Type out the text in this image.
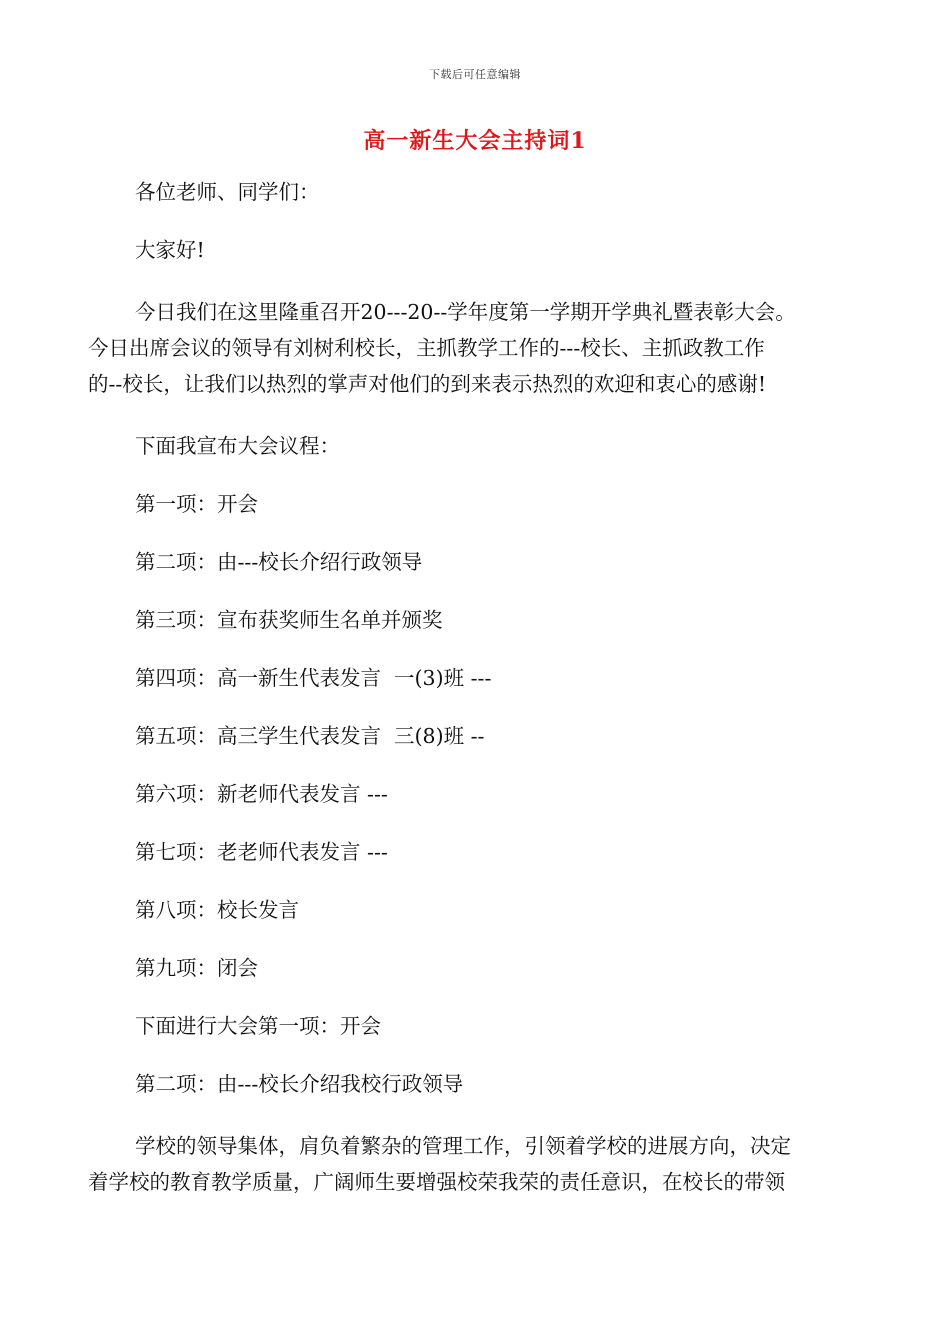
下载后可任意编辑
高一新生大会主持词1

各位老师、同学们：

大家好!

今日我们在这里隆重召开20---20--学年度第一学期开学典礼暨表彰大会。
今日出席会议的领导有刘树利校长，主抓教学工作的---校长、主抓政教工作
的--校长，让我们以热烈的掌声对他们的到来表示热烈的欢迎和衷心的感谢!

下面我宣布大会议程：

第一项：开会

第二项：由---校长介绍行政领导

第三项：宣布获奖师生名单并颁奖

第四项：高一新生代表发言  一(3)班 ---

第五项：高三学生代表发言  三(8)班 --

第六项：新老师代表发言 ---

第七项：老老师代表发言 ---

第八项：校长发言

第九项：闭会

下面进行大会第一项：开会

第二项：由---校长介绍我校行政领导

学校的领导集体，肩负着繁杂的管理工作，引领着学校的进展方向，决定
着学校的教育教学质量，广阔师生要增强校荣我荣的责任意识，在校长的带领
